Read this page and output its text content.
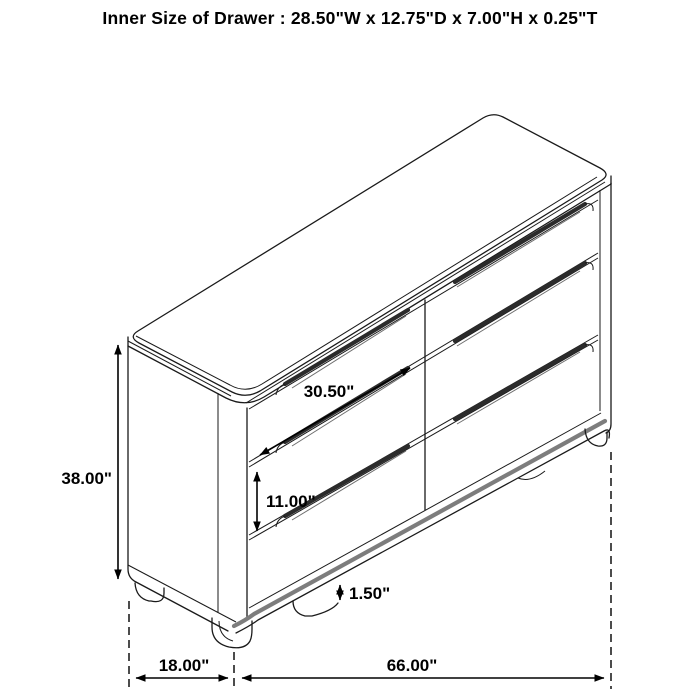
Inner Size of Drawer : 28.50"W x 12.75"D x 7.00"H x 0.25"T
38.00"
30.50"
11.00"
1.50"
18.00"	66.00"
